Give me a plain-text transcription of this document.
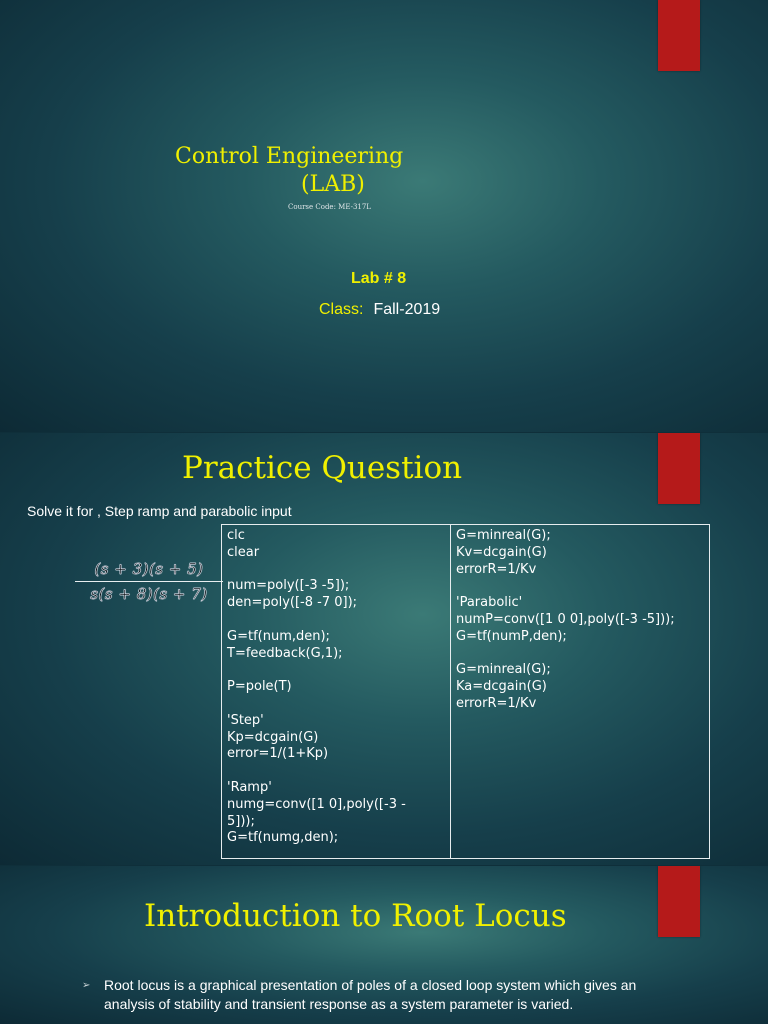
Control Engineering
(LAB)
Course Code: ME-317L
Lab # 8
Class: Fall-2019
Practice Question
Solve it for , Step ramp and parabolic input
(s + 3)(s + 5)
s(s + 8)(s + 7)
clc
clear
num=poly([-3 -5]);
den=poly([-8 -7 0]);
G=tf(num,den);
T=feedback(G,1);
P=pole(T)
'Step'
Kp=dcgain(G)
error=1/(1+Kp)
'Ramp'
numg=conv([1 0],poly([-3 -
5]));
G=tf(numg,den);

G=minreal(G);
Kv=dcgain(G)
errorR=1/Kv
'Parabolic'
numP=conv([1 0 0],poly([-3 -5]));
G=tf(numP,den);
G=minreal(G);
Ka=dcgain(G)
errorR=1/Kv
Introduction to Root Locus
➢ Root locus is a graphical presentation of poles of a closed loop system which gives an analysis of stability and transient response as a system parameter is varied.
